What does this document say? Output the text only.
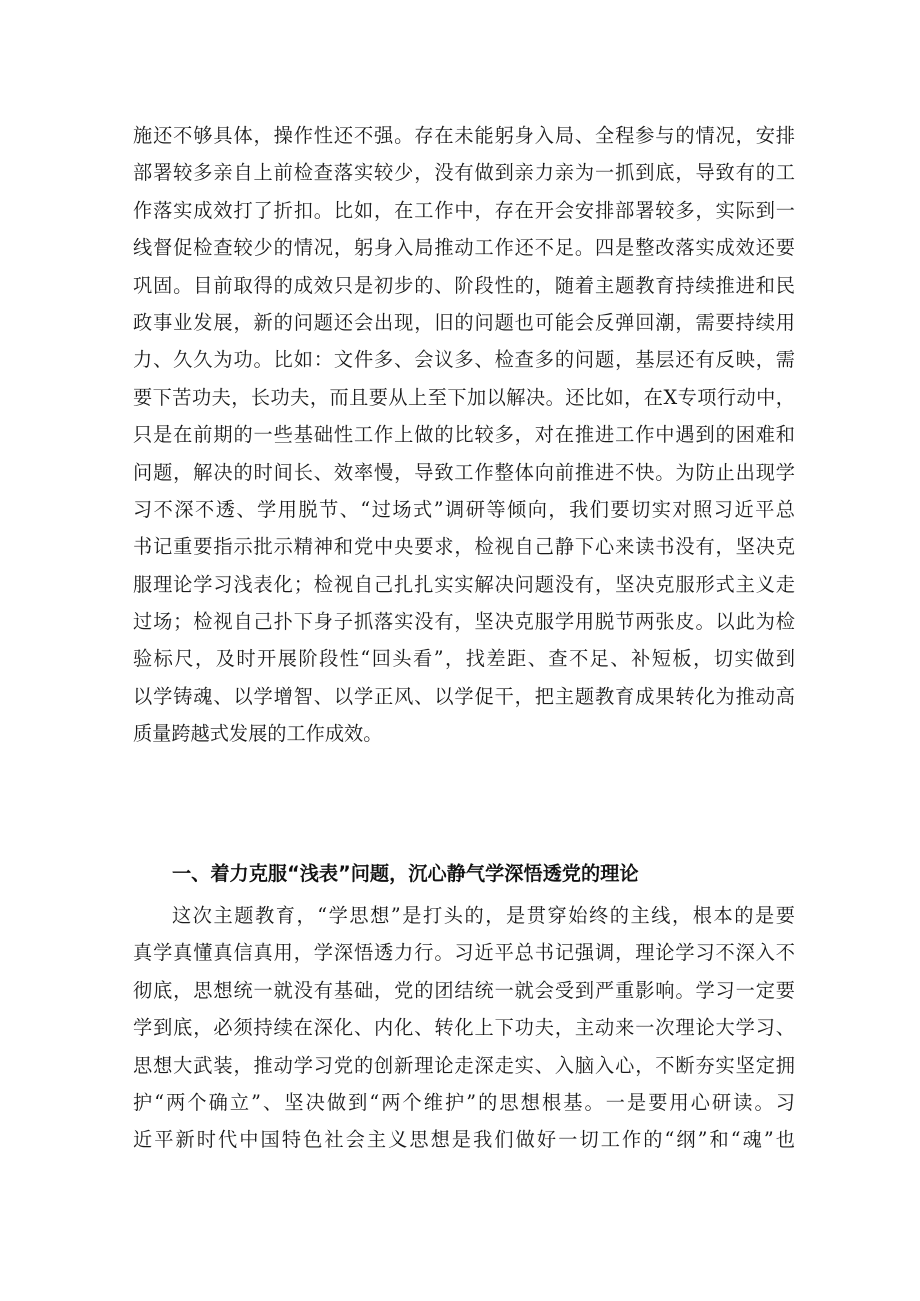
施还不够具体，操作性还不强。存在未能躬身入局、全程参与的情况，安排
部署较多亲自上前检查落实较少，没有做到亲力亲为一抓到底，导致有的工
作落实成效打了折扣。比如，在工作中，存在开会安排部署较多，实际到一
线督促检查较少的情况，躬身入局推动工作还不足。四是整改落实成效还要
巩固。目前取得的成效只是初步的、阶段性的，随着主题教育持续推进和民
政事业发展，新的问题还会出现，旧的问题也可能会反弹回潮，需要持续用
力、久久为功。比如：文件多、会议多、检查多的问题，基层还有反映，需
要下苦功夫，长功夫，而且要从上至下加以解决。还比如，在X专项行动中，
只是在前期的一些基础性工作上做的比较多，对在推进工作中遇到的困难和
问题，解决的时间长、效率慢，导致工作整体向前推进不快。为防止出现学
习不深不透、学用脱节、“过场式”调研等倾向，我们要切实对照习近平总
书记重要指示批示精神和党中央要求，检视自己静下心来读书没有，坚决克
服理论学习浅表化；检视自己扎扎实实解决问题没有，坚决克服形式主义走
过场；检视自己扑下身子抓落实没有，坚决克服学用脱节两张皮。以此为检
验标尺，及时开展阶段性“回头看”，找差距、查不足、补短板，切实做到
以学铸魂、以学增智、以学正风、以学促干，把主题教育成果转化为推动高
质量跨越式发展的工作成效。
一、着力克服“浅表”问题，沉心静气学深悟透党的理论
这次主题教育，“学思想”是打头的，是贯穿始终的主线，根本的是要
真学真懂真信真用，学深悟透力行。习近平总书记强调，理论学习不深入不
彻底，思想统一就没有基础，党的团结统一就会受到严重影响。学习一定要
学到底，必须持续在深化、内化、转化上下功夫，主动来一次理论大学习、
思想大武装，推动学习党的创新理论走深走实、入脑入心，不断夯实坚定拥
护“两个确立”、坚决做到“两个维护”的思想根基。一是要用心研读。习
近平新时代中国特色社会主义思想是我们做好一切工作的“纲”和“魂”也
